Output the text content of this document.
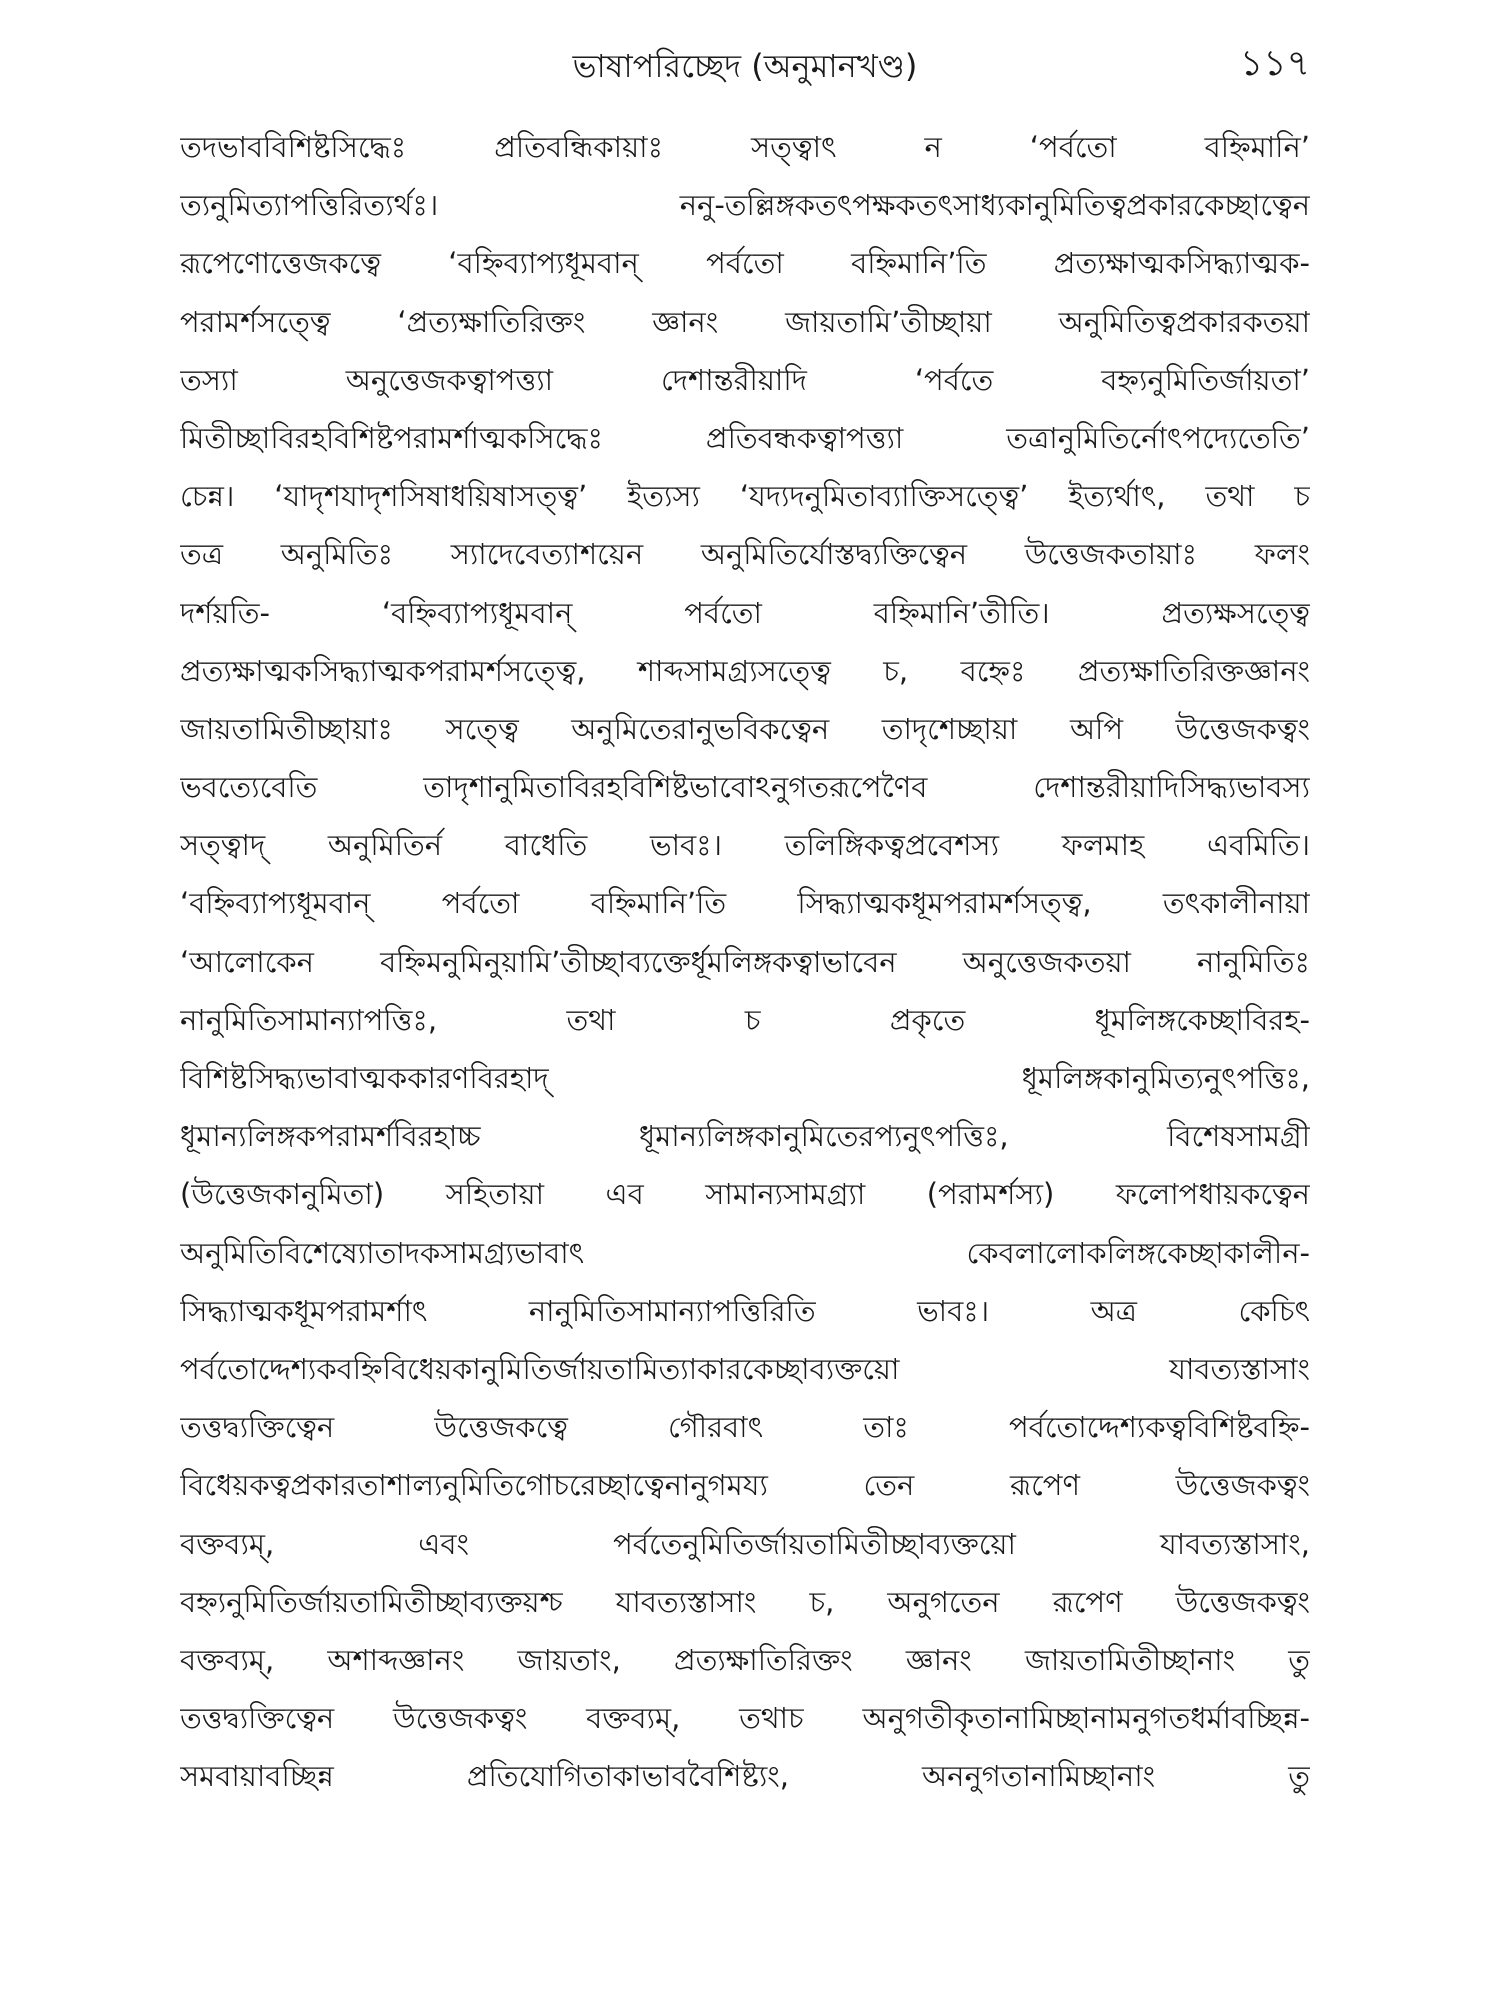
ভাষাপরিচ্ছেদ (অনুমানখণ্ড)	১১৭
তদভাববিশিষ্টসিদ্ধেঃ প্রতিবন্ধিকায়াঃ সত্ত্বাৎ ন ‘পর্বতো বহ্নিমানি’
ত্যনুমিত্যাপত্তিরিত্যর্থঃ। ননু-তল্লিঙ্গকতৎপক্ষকতৎসাধ্যকানুমিতিত্বপ্রকারকেচ্ছাত্বেন
রূপেণোত্তেজকত্বে ‘বহ্নিব্যাপ্যধূমবান্ পর্বতো বহ্নিমানি’তি প্রত্যক্ষাত্মকসিদ্ধ্যাত্মক-
পরামর্শসত্ত্বে ‘প্রত্যক্ষাতিরিক্তং জ্ঞানং জায়তামি’তীচ্ছায়া অনুমিতিত্বপ্রকারকতয়া
তস্যা অনুত্তেজকত্বাপত্ত্যা দেশান্তরীয়াদি ‘পর্বতে বহ্ন্যনুমিতির্জায়তা’
মিতীচ্ছাবিরহবিশিষ্টপরামর্শাত্মকসিদ্ধেঃ প্রতিবন্ধকত্বাপত্ত্যা তত্রানুমিতির্নোৎপদ্যেতেতি’
চেন্ন। ‘যাদৃশযাদৃশসিষাধয়িষাসত্ত্ব’ ইত্যস্য ‘যদ্যদনুমিতাব্যাক্তিসত্ত্বে’ ইত্যর্থাৎ, তথা চ
তত্র অনুমিতিঃ স্যাদেবেত্যাশয়েন অনুমিতির্যোস্তদ্ব্যক্তিত্বেন উত্তেজকতায়াঃ ফলং
দর্শয়তি- ‘বহ্নিব্যাপ্যধূমবান্ পর্বতো বহ্নিমানি’তীতি। প্রত্যক্ষসত্ত্বে
প্রত্যক্ষাত্মকসিদ্ধ্যাত্মকপরামর্শসত্ত্বে, শাব্দসামগ্র্যসত্ত্বে চ, বহ্নেঃ প্রত্যক্ষাতিরিক্তজ্ঞানং
জায়তামিতীচ্ছায়াঃ সত্ত্বে অনুমিতেরানুভবিকত্বেন তাদৃশেচ্ছায়া অপি উত্তেজকত্বং
ভবত্যেবেতি তাদৃশানুমিতাবিরহবিশিষ্টভাবোঽনুগতরূপেণৈব দেশান্তরীয়াদিসিদ্ধ্যভাবস্য
সত্ত্বাদ্ অনুমিতির্ন বাধেতি ভাবঃ। তলিঙ্গিকত্বপ্রবেশস্য ফলমাহ এবমিতি।
‘বহ্নিব্যাপ্যধূমবান্ পর্বতো বহ্নিমানি’তি সিদ্ধ্যাত্মকধূমপরামর্শসত্ত্ব, তৎকালীনায়া
‘আলোকেন বহ্নিমনুমিনুয়ামি’তীচ্ছাব্যক্তের্ধূমলিঙ্গকত্বাভাবেন অনুত্তেজকতয়া নানুমিতিঃ
নানুমিতিসামান্যাপত্তিঃ, তথা চ প্রকৃতে ধূমলিঙ্গকেচ্ছাবিরহ-
বিশিষ্টসিদ্ধ্যভাবাত্মককারণবিরহাদ্ ধূমলিঙ্গকানুমিত্যনুৎপত্তিঃ,
ধূমান্যলিঙ্গকপরামর্শবিরহাচ্চ ধূমান্যলিঙ্গকানুমিতেরপ্যনুৎপত্তিঃ, বিশেষসামগ্রী
(উত্তেজকানুমিতা) সহিতায়া এব সামান্যসামগ্র্যা (পরামর্শস্য) ফলোপধায়কত্বেন
অনুমিতিবিশেষ্যোতাদকসামগ্র্যভাবাৎ কেবলালোকলিঙ্গকেচ্ছাকালীন-
সিদ্ধ্যাত্মকধূমপরামর্শাৎ নানুমিতিসামান্যাপত্তিরিতি ভাবঃ। অত্র কেচিৎ
পর্বতোদ্দেশ্যকবহ্নিবিধেয়কানুমিতির্জায়তামিত্যাকারকেচ্ছাব্যক্তয়ো যাবত্যস্তাসাং
তত্তদ্ব্যক্তিত্বেন উত্তেজকত্বে গৌরবাৎ তাঃ পর্বতোদ্দেশ্যকত্ববিশিষ্টবহ্নি-
বিধেয়কত্বপ্রকারতাশাল্যনুমিতিগোচরেচ্ছাত্বেনানুগময্য তেন রূপেণ উত্তেজকত্বং
বক্তব্যম্, এবং পর্বতেনুমিতির্জায়তামিতীচ্ছাব্যক্তয়ো যাবত্যস্তাসাং,
বহ্ন্যনুমিতির্জায়তামিতীচ্ছাব্যক্তয়শ্চ যাবত্যস্তাসাং চ, অনুগতেন রূপেণ উত্তেজকত্বং
বক্তব্যম্, অশাব্দজ্ঞানং জায়তাং, প্রত্যক্ষাতিরিক্তং জ্ঞানং জায়তামিতীচ্ছানাং তু
তত্তদ্ব্যক্তিত্বেন উত্তেজকত্বং বক্তব্যম্, তথাচ অনুগতীকৃতানামিচ্ছানামনুগতধর্মাবচ্ছিন্ন-
সমবায়াবচ্ছিন্ন প্রতিযোগিতাকাভাববৈশিষ্ট্যং, অননুগতানামিচ্ছানাং তু
